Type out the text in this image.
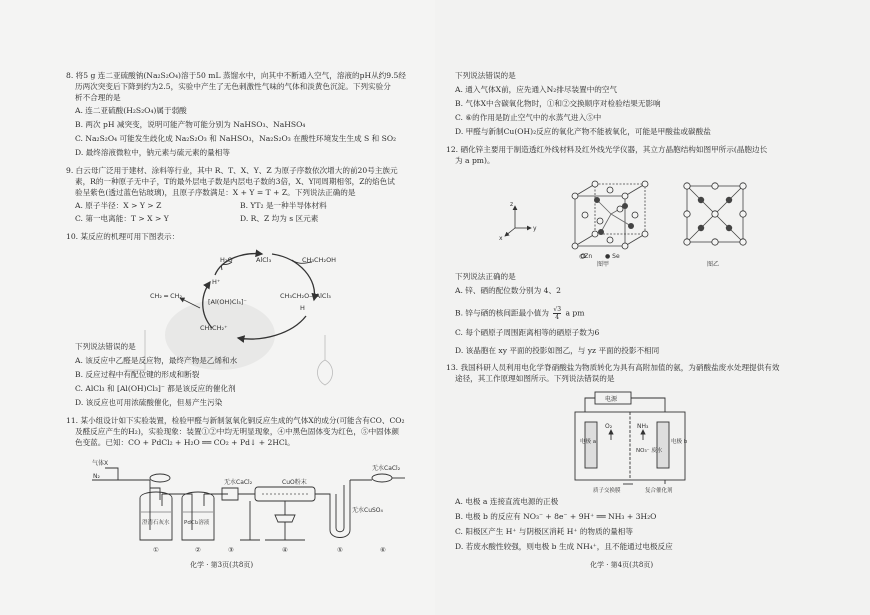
8. 将5 g 连二亚硫酸钠(Na₂S₂O₄)溶于50 mL 蒸馏水中，向其中不断通入空气，溶液的pH从约9.5经
历两次突变后下降到约为2.5，实验中产生了无色刺激性气味的气体和淡黄色沉淀。下列实验分
析不合理的是
A. 连二亚硫酸(H₂S₂O₄)属于弱酸
B. 两次 pH 减突变，说明可能产物可能分别为 NaHSO₃、NaHSO₄
C. Na₂S₂O₄ 可能发生歧化成 Na₂S₂O₃ 和 NaHSO₃，Na₂S₂O₃ 在酸性环境发生生成 S 和 SO₂
D. 最终溶液微粒中，钠元素与硫元素的量相等
9. 白云母广泛用于建材、涂料等行业，其中 R、T、X、Y、Z 为原子序数依次增大的前20号主族元
素，R的一种原子无中子，T的最外层电子数是内层电子数的3倍，X、Y同周期相邻，Z的焰色试
验呈紫色(透过蓝色钴玻璃)，且原子序数满足：X + Y = T + Z。下列说法正确的是
A. 原子半径：X > Y > Z	B. YT₂ 是一种半导体材料
C. 第一电离能：T > X > Y	D. R、Z 均为 s 区元素
10. 某反应的机理可用下图表示：
H₂O	AlCl₃	CH₃CH₂OH
CH₂ ═ CH₂
H⁺
[Al(OH)Cl₃]⁻
CH₃CH₂O—AlCl₃
H
CH₃CH₂⁺
下列说法错误的是
A. 该反应中乙醛是反应物，最终产物是乙烯和水
B. 反应过程中有配位键的形成和断裂
C. AlCl₃ 和 [Al(OH)Cl₃]⁻ 都是该反应的催化剂
D. 该反应也可用浓硫酸催化，但易产生污染
11. 某小组设计如下实验装置，检验甲醛与新制氢氧化铜反应生成的气体X的成分(可能含有CO、CO₂
及醛反应产生的H₂)，实验现象：装置①②中均无明显现象，④中黑色固体变为红色，⑤中固体颜
色变蓝。已知：CO + PdCl₂ + H₂O ══ CO₂ + Pd↓ + 2HCl。
气体X
N₂
无水CaCl₂	CuO粉末
无水CaCl₂
无水CuSO₄
澄清石灰水	PdCl₂溶液
①	②	③	④	⑤	⑥
化学 · 第3页(共8页)
下列说法错误的是
A. 通入气体X前，应先通入N₂排尽装置中的空气
B. 气体X中含碳氧化物时，①和②交换顺序对检验结果无影响
C. ⑥的作用是防止空气中的水蒸气进入⑤中
D. 甲醛与新制Cu(OH)₂反应的氧化产物不能被氧化，可能是甲酸盐或碳酸盐
12. 硒化锌主要用于制造透红外线材料及红外线光学仪器，其立方晶胞结构如图甲所示(晶胞边长
为 a pm)。
z
y
x
○Zn ● Se
图甲	图乙
电源
O₂	NH₃
NO₃⁻ 废水
电极 a	电极 b
质子交换膜	复合催化剂
下列说法正确的是
A. 锌、硒的配位数分别为 4、2
B. 锌与硒的核间距最小值为 $\frac{√3}{4}$ a pm
C. 每个硒原子周围距离相等的硒原子数为6
D. 该晶胞在 xy 平面的投影如图乙，与 yz 平面的投影不相同
13. 我国科研人员利用电化学脊硝酸盐为物质转化为具有高附加值的氨，为硝酸盐废水处理提供有效
途径，其工作原理如图所示。下列说法错误的是
A. 电极 a 连接直流电源的正极
B. 电极 b 的反应有 NO₃⁻ + 8e⁻ + 9H⁺ ══ NH₃ + 3H₂O
C. 阳极区产生 H⁺ 与阴极区消耗 H⁺ 的物质的量相等
D. 若废水酸性较强，则电极 b 生成 NH₄⁺，且不能通过电极反应
化学 · 第4页(共8页)
